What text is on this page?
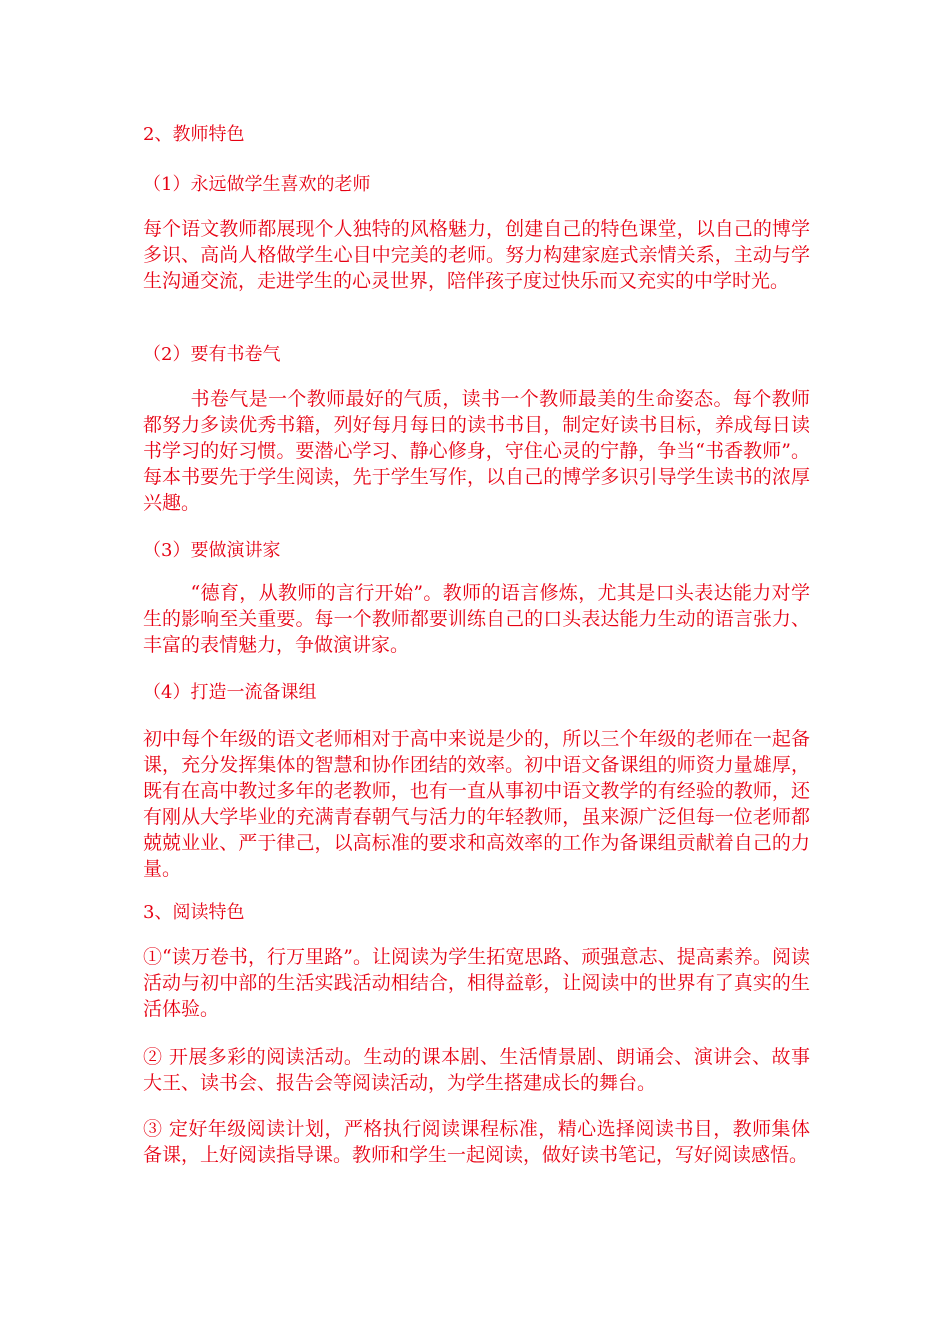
2、教师特色
（1）永远做学生喜欢的老师

每个语文教师都展现个人独特的风格魅力，创建自己的特色课堂，以自己的博学多识、高尚人格做学生心目中完美的老师。努力构建家庭式亲情关系，主动与学生沟通交流，走进学生的心灵世界，陪伴孩子度过快乐而又充实的中学时光。

（2）要有书卷气

书卷气是一个教师最好的气质，读书一个教师最美的生命姿态。每个教师都努力多读优秀书籍，列好每月每日的读书书目，制定好读书目标，养成每日读书学习的好习惯。要潜心学习、静心修身，守住心灵的宁静，争当“书香教师”。每本书要先于学生阅读，先于学生写作，以自己的博学多识引导学生读书的浓厚兴趣。

（3）要做演讲家

“德育，从教师的言行开始”。教师的语言修炼，尤其是口头表达能力对学生的影响至关重要。每一个教师都要训练自己的口头表达能力生动的语言张力、丰富的表情魅力，争做演讲家。

（4）打造一流备课组

初中每个年级的语文老师相对于高中来说是少的，所以三个年级的老师在一起备课，充分发挥集体的智慧和协作团结的效率。初中语文备课组的师资力量雄厚，既有在高中教过多年的老教师，也有一直从事初中语文教学的有经验的教师，还有刚从大学毕业的充满青春朝气与活力的年轻教师，虽来源广泛但每一位老师都兢兢业业、严于律己，以高标准的要求和高效率的工作为备课组贡献着自己的力量。

3、阅读特色

①“读万卷书，行万里路”。让阅读为学生拓宽思路、顽强意志、提高素养。阅读活动与初中部的生活实践活动相结合，相得益彰，让阅读中的世界有了真实的生活体验。

② 开展多彩的阅读活动。生动的课本剧、生活情景剧、朗诵会、演讲会、故事大王、读书会、报告会等阅读活动，为学生搭建成长的舞台。

③ 定好年级阅读计划，严格执行阅读课程标准，精心选择阅读书目，教师集体备课，上好阅读指导课。教师和学生一起阅读，做好读书笔记，写好阅读感悟。
